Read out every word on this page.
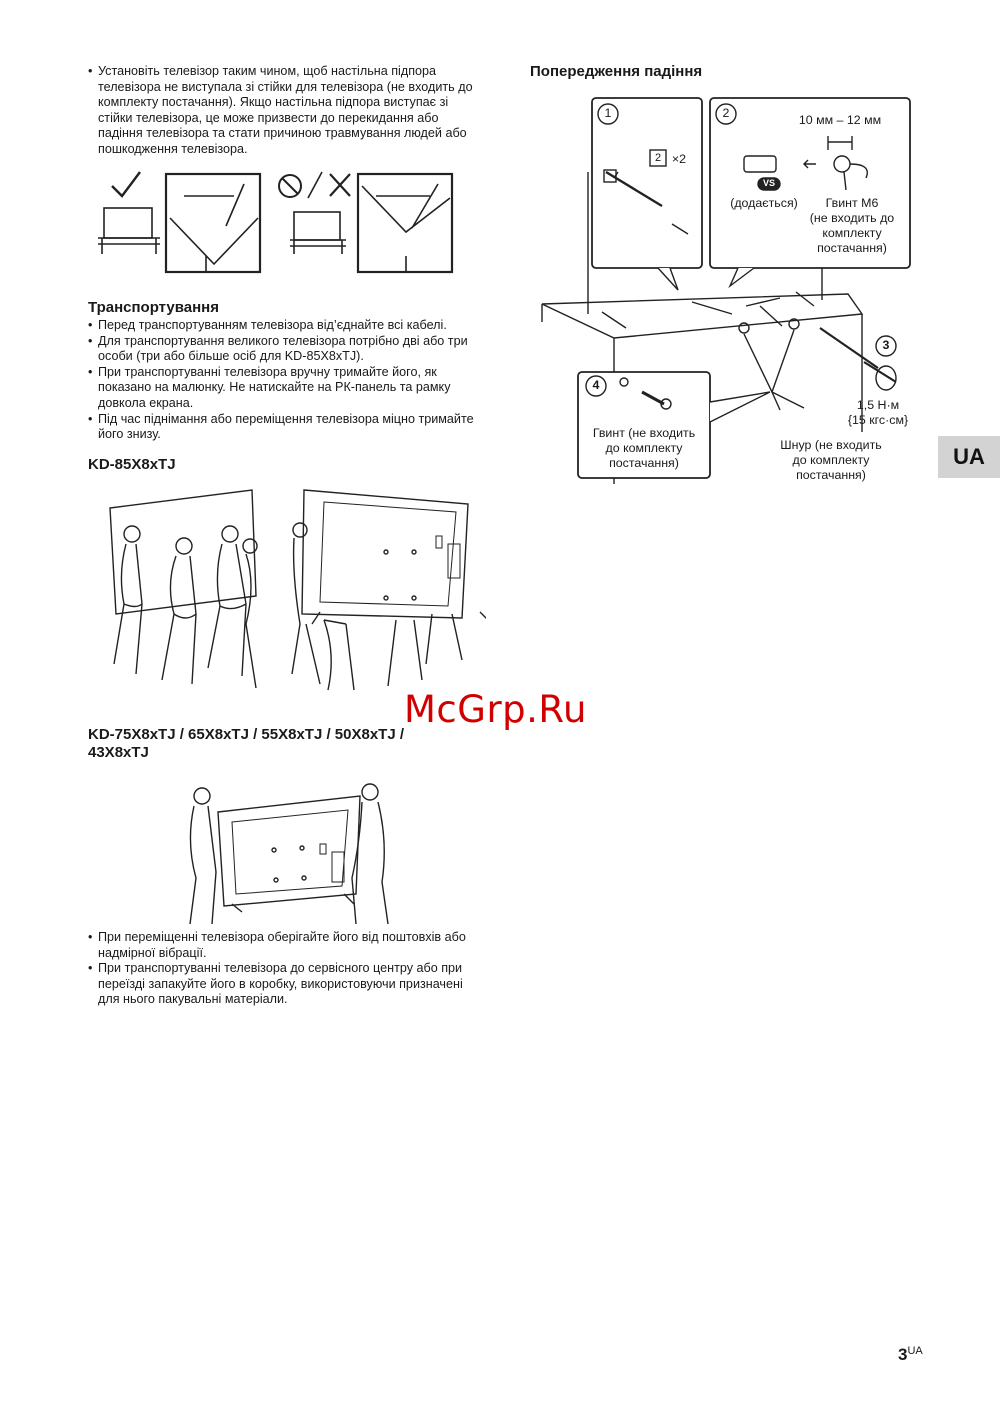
• Установіть телевізор таким чином, щоб настільна підпора телевізора не виступала зі стійки для телевізора (не входить до комплекту постачання). Якщо настільна підпора виступає зі стійки телевізора, це може призвести до перекидання або падіння телевізора та стати причиною травмування людей або пошкодження телевізора.
Транспортування
• Перед транспортуванням телевізора від’єднайте всі кабелі.
• Для транспортування великого телевізора потрібно дві або три особи (три або більше осіб для KD-85X8xTJ).
• При транспортуванні телевізора вручну тримайте його, як показано на малюнку. Не натискайте на РК-панель та рамку довкола екрана.
• Під час піднімання або переміщення телевізора міцно тримайте його знизу.
KD-85X8xTJ
KD-75X8xTJ / 65X8xTJ / 55X8xTJ / 50X8xTJ /
43X8xTJ
• При переміщенні телевізора оберігайте його від поштовхів або надмірної вібрації.
• При транспортуванні телевізора до сервісного центру або при переїзді запакуйте його в коробку, використовуючи призначені для нього пакувальні матеріали.
Попередження падіння
1	2
3
4
2 ×2
10 мм – 12 мм
VS
(додається)	Гвинт М6
(не входить до
комплекту
постачання)
1,5 Н·м
{15 кгс·см}
Гвинт (не входить
до комплекту
постачання)
Шнур (не входить
до комплекту
постачання)
UA
McGrp.Ru
$3^{UA}$
